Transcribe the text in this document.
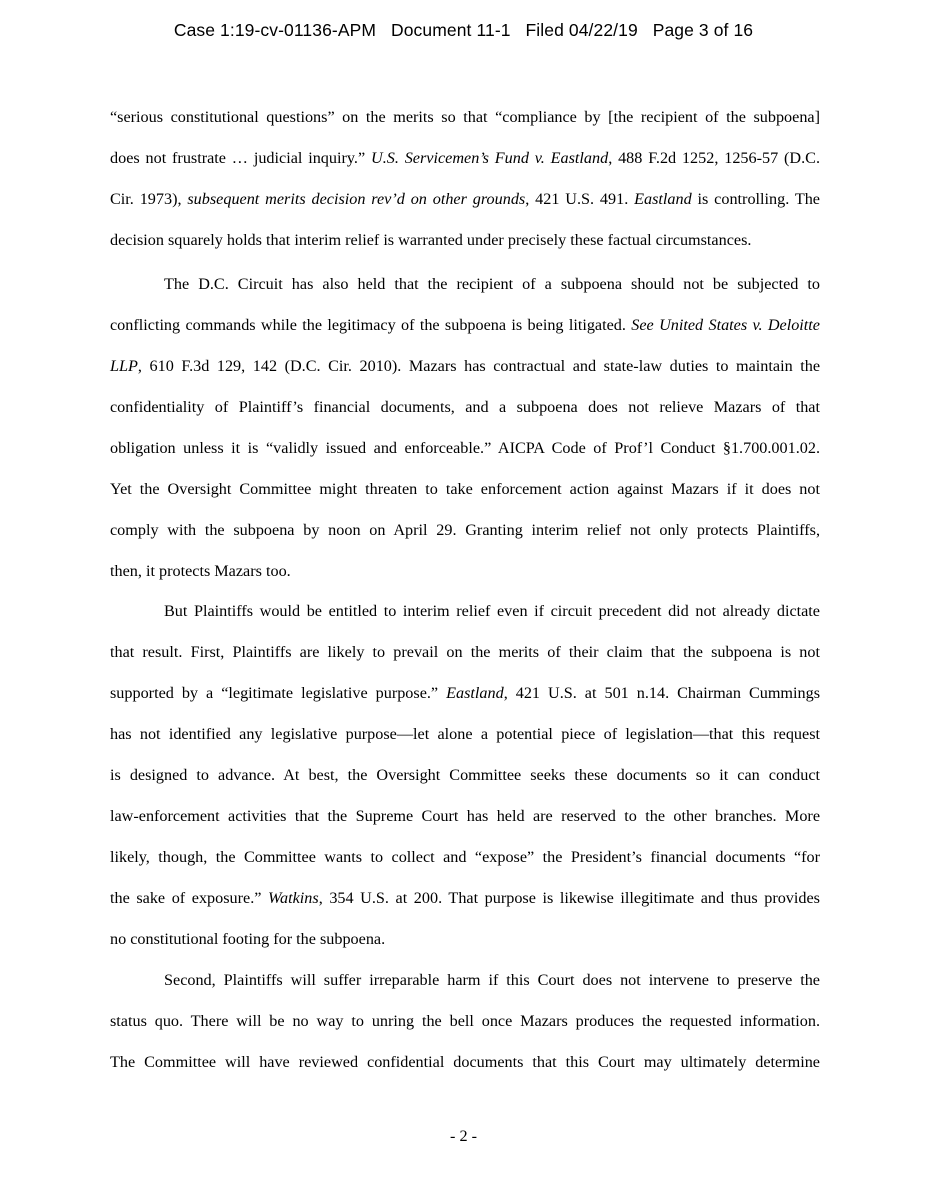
Case 1:19-cv-01136-APM   Document 11-1   Filed 04/22/19   Page 3 of 16
“serious constitutional questions” on the merits so that “compliance by [the recipient of the subpoena]
does not frustrate … judicial inquiry.” U.S. Servicemen’s Fund v. Eastland, 488 F.2d 1252, 1256-57 (D.C.
Cir. 1973), subsequent merits decision rev’d on other grounds, 421 U.S. 491. Eastland is controlling. The
decision squarely holds that interim relief is warranted under precisely these factual circumstances.
The D.C. Circuit has also held that the recipient of a subpoena should not be subjected to
conflicting commands while the legitimacy of the subpoena is being litigated. See United States v. Deloitte
LLP, 610 F.3d 129, 142 (D.C. Cir. 2010). Mazars has contractual and state-law duties to maintain the
confidentiality of Plaintiff’s financial documents, and a subpoena does not relieve Mazars of that
obligation unless it is “validly issued and enforceable.” AICPA Code of Prof’l Conduct §1.700.001.02.
Yet the Oversight Committee might threaten to take enforcement action against Mazars if it does not
comply with the subpoena by noon on April 29. Granting interim relief not only protects Plaintiffs,
then, it protects Mazars too.
But Plaintiffs would be entitled to interim relief even if circuit precedent did not already dictate
that result. First, Plaintiffs are likely to prevail on the merits of their claim that the subpoena is not
supported by a “legitimate legislative purpose.” Eastland, 421 U.S. at 501 n.14. Chairman Cummings
has not identified any legislative purpose—let alone a potential piece of legislation—that this request
is designed to advance. At best, the Oversight Committee seeks these documents so it can conduct
law-enforcement activities that the Supreme Court has held are reserved to the other branches. More
likely, though, the Committee wants to collect and “expose” the President’s financial documents “for
the sake of exposure.” Watkins, 354 U.S. at 200. That purpose is likewise illegitimate and thus provides
no constitutional footing for the subpoena.
Second, Plaintiffs will suffer irreparable harm if this Court does not intervene to preserve the
status quo. There will be no way to unring the bell once Mazars produces the requested information.
The Committee will have reviewed confidential documents that this Court may ultimately determine
- 2 -
